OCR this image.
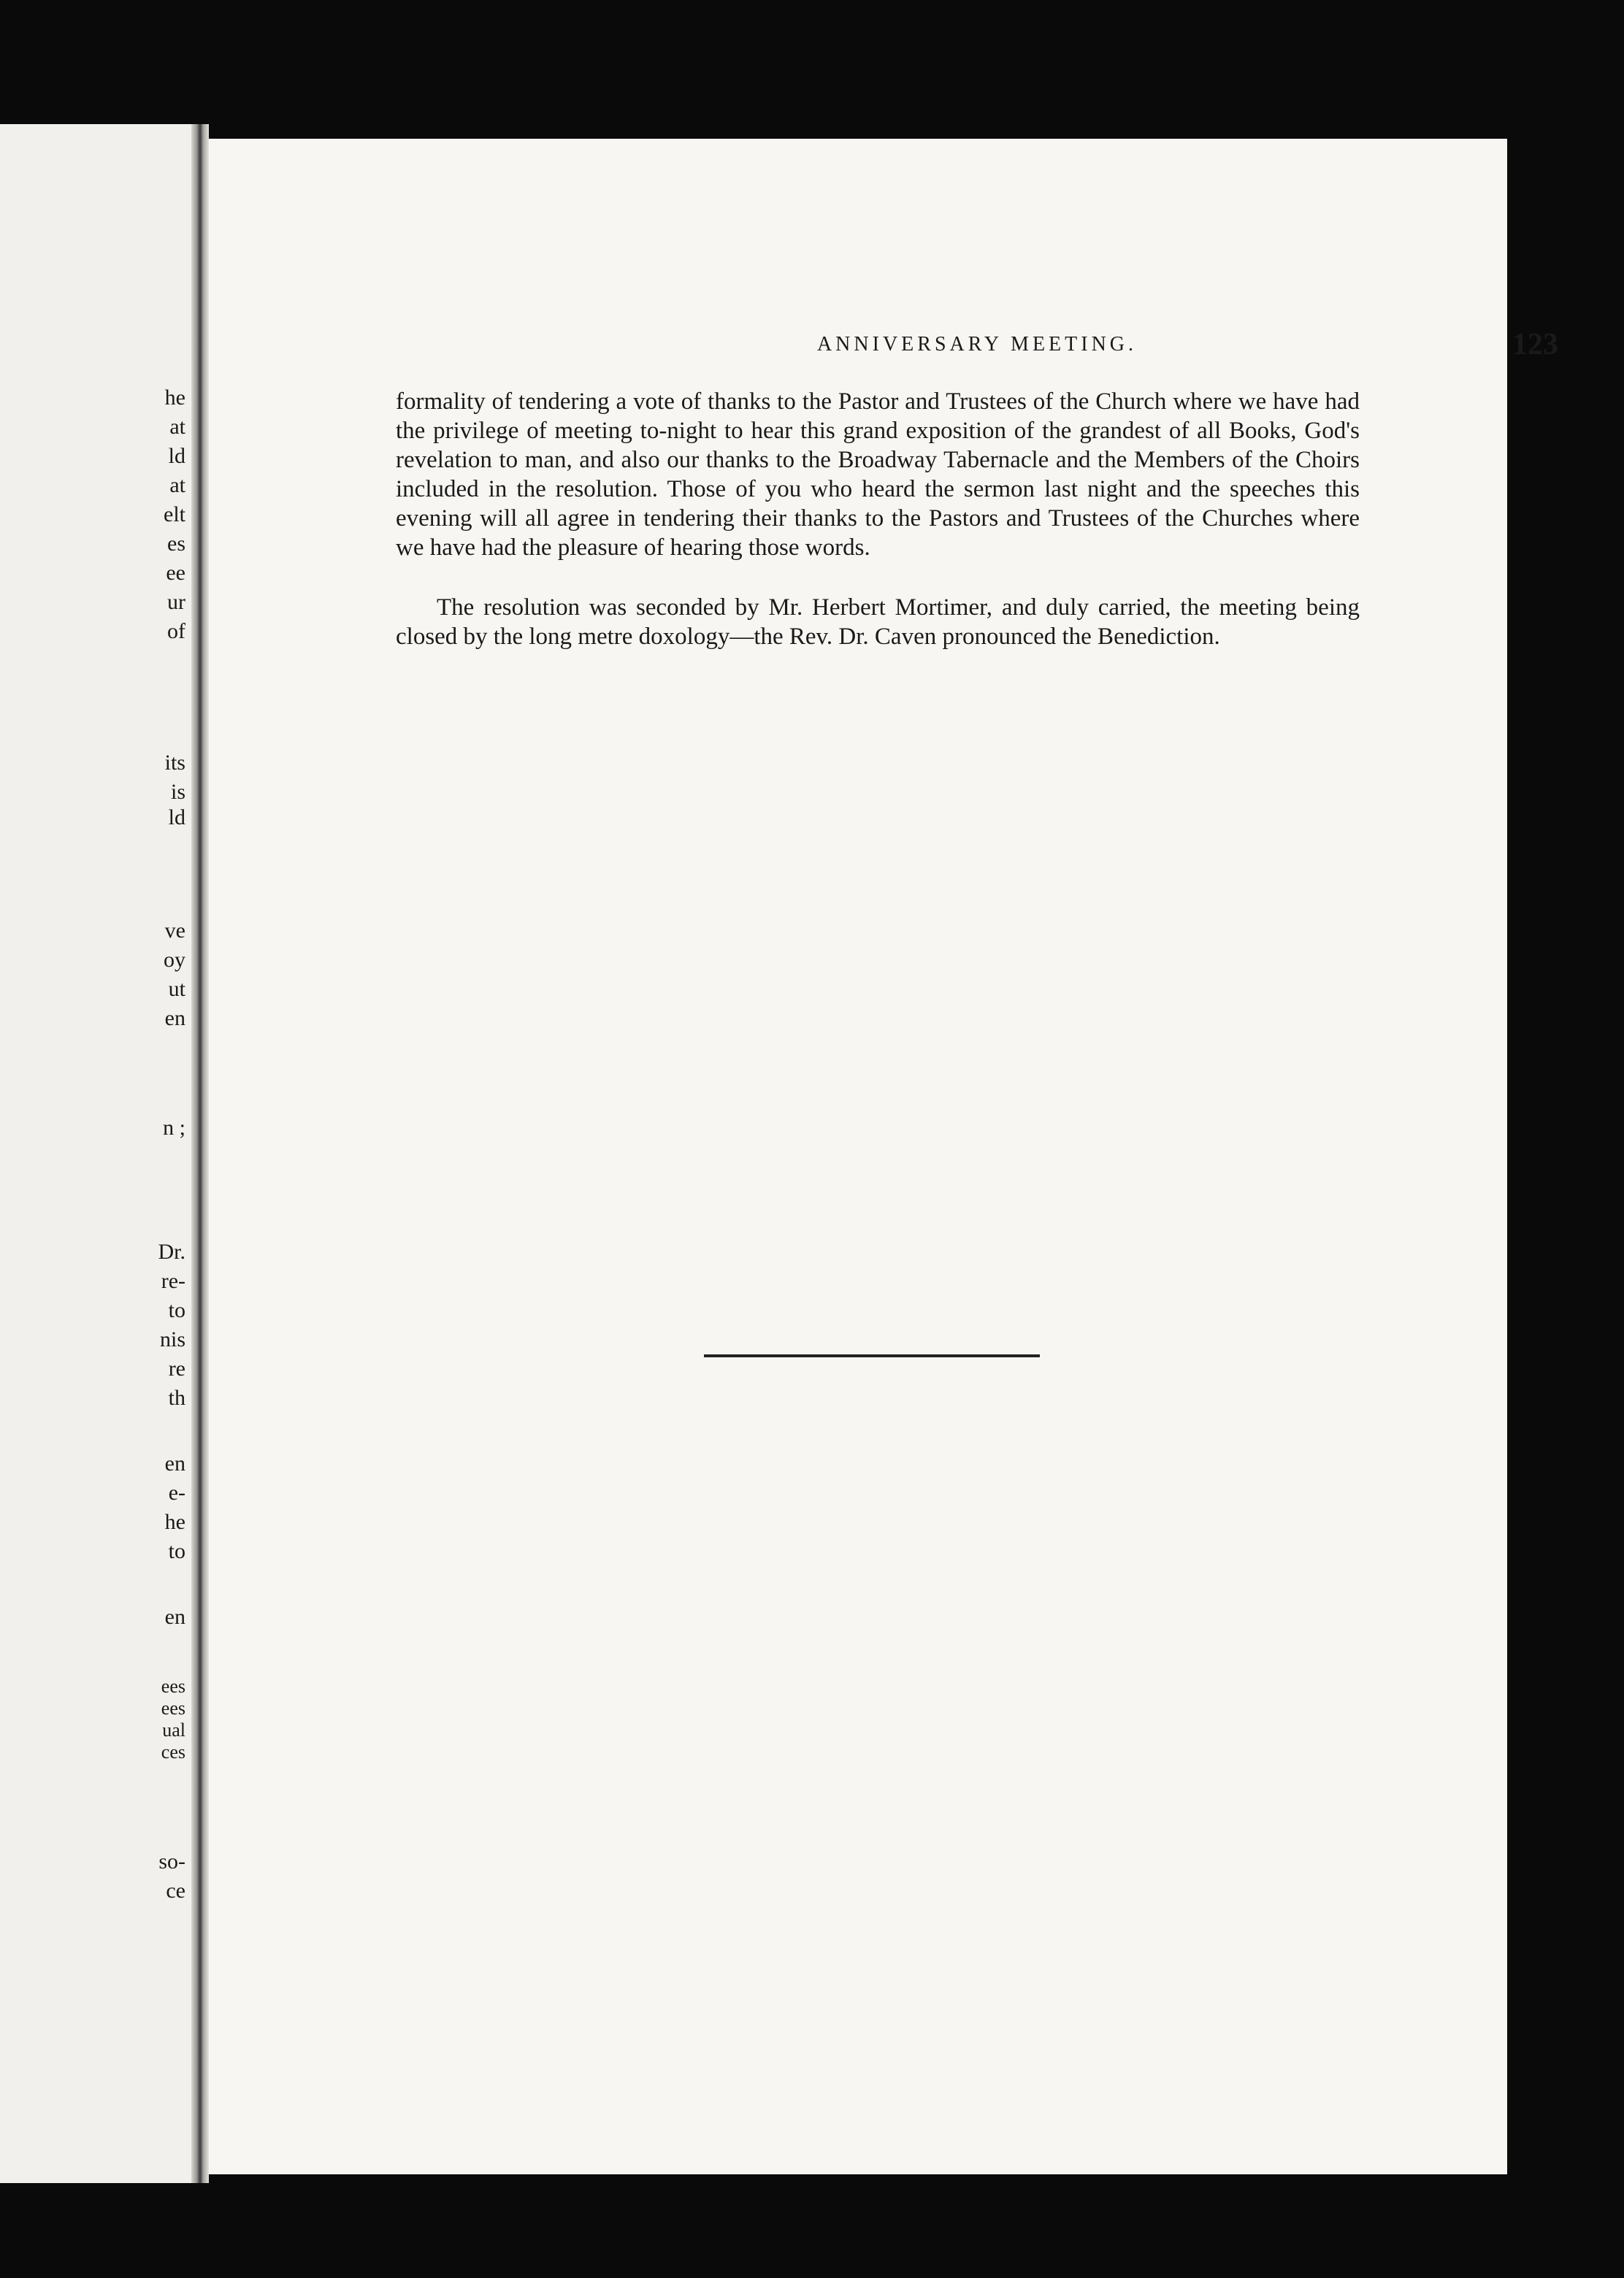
he
at
ld
at
elt
es
ee
ur
of
its
is
ld
ve
oy
ut
en
n ;
Dr.
re-
to
nis
re
th
en
e-
he
to
en
ees
ees
ual
ces
so-
ce
ANNIVERSARY MEETING.	123

formality of tendering a vote of thanks to the Pastor and Trustees of the Church where we have had the privilege of meeting to-night to hear this grand exposition of the grandest of all Books, God's revelation to man, and also our thanks to the Broadway Tabernacle and the Members of the Choirs included in the resolution. Those of you who heard the sermon last night and the speeches this evening will all agree in tendering their thanks to the Pastors and Trustees of the Churches where we have had the pleasure of hearing those words.

The resolution was seconded by Mr. Herbert Mortimer, and duly carried, the meeting being closed by the long metre doxology—the Rev. Dr. Caven pronounced the Benediction.
